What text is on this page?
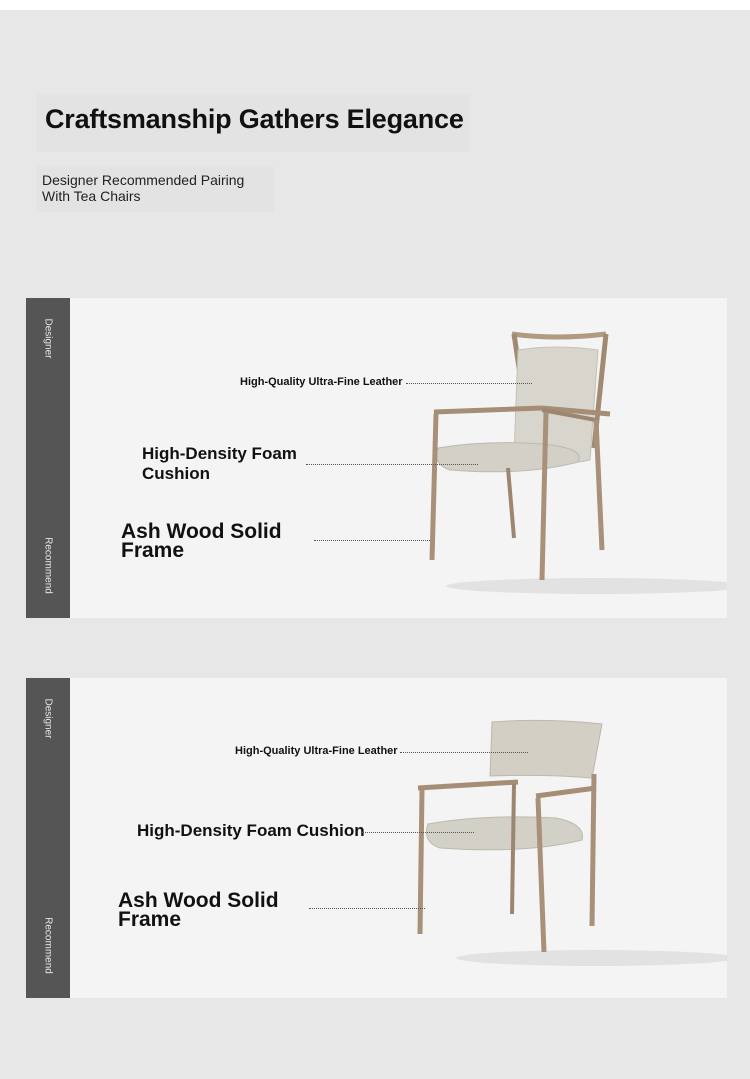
Craftsmanship Gathers Elegance
Designer Recommended Pairing
With Tea Chairs
Designer
Recommend
High-Quality Ultra-Fine Leather
High-Density Foam
Cushion
Ash Wood Solid
Frame
Designer
Recommend
High-Quality Ultra-Fine Leather
High-Density Foam Cushion
Ash Wood Solid
Frame
